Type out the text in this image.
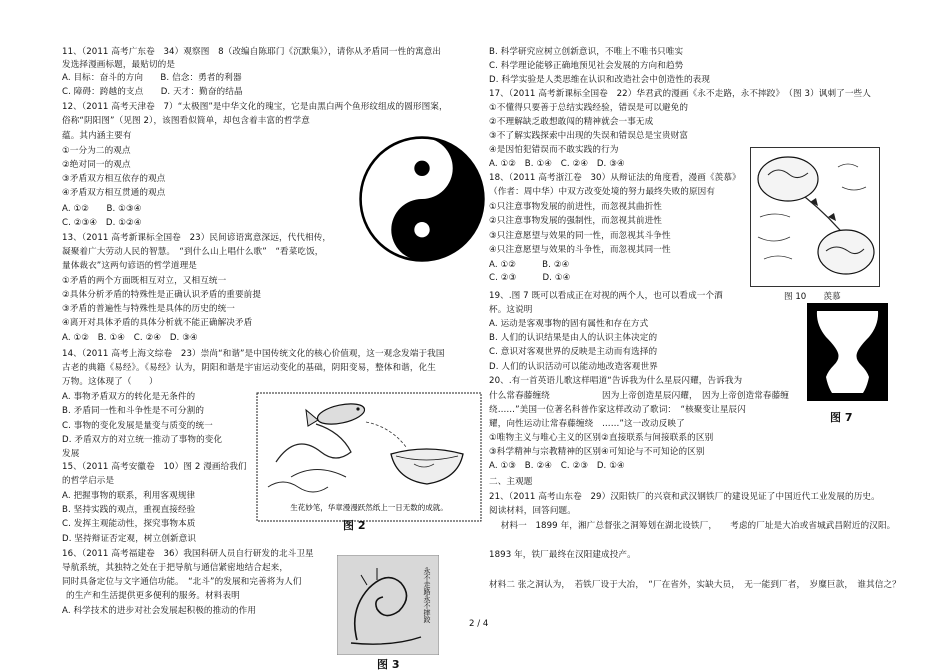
11、（2011 高考广东卷　34）观察图　8（改编自陈耶门《沉默集》），请你从矛盾同一性的寓意出
发选择漫画标题，最贴切的是
A. 目标：奋斗的方向　　B. 信念：勇者的利器
C. 障碍：跨越的支点　　D. 天才：勤奋的结晶
12、（2011 高考天津卷　7）“太极图”是中华文化的瑰宝，它是由黑白两个鱼形纹组成的圆形图案，
俗称“阴阳图”（见图 2），该图看似简单，却包含着丰富的哲学意
蕴。其内涵主要有
①一分为二的观点
②绝对同一的观点
③矛盾双方相互依存的观点
④矛盾双方相互贯通的观点
A. ①②　　B. ①③④
C. ②③④　D. ①②④
13、（2011 高考新课标全国卷　23）民间谚语寓意深远，代代相传，
凝聚着广大劳动人民的智慧。　“到什么山上唱什么歌”　“看菜吃饭，
量体裁衣”这两句谚语的哲学道理是
①矛盾的两个方面既相互对立，又相互统一
②具体分析矛盾的特殊性是正确认识矛盾的重要前提
③矛盾的普遍性与特殊性是具体的历史的统一
④离开对具体矛盾的具体分析就不能正确解决矛盾
A. ①②　B. ①④　C. ②④　D. ③④
14、（2011 高考上海文综卷　23）崇尚“和谐”是中国传统文化的核心价值观，这一观念发端于我国
古老的典籍《易经》。《易经》认为，阴阳和谐是宇宙运动变化的基础，阴阳变易，整体和谐，化生
万物。这体现了（　　）
A. 事物矛盾双方的转化是无条件的
B. 矛盾同一性和斗争性是不可分割的
C. 事物的变化发展是量变与质变的统一
D. 矛盾双方的对立统一推动了事物的变化
发展
15、（2011 高考安徽卷　10）图 2 漫画给我们
的哲学启示是
A. 把握事物的联系，利用客观规律
B. 坚持实践的观点，重视直接经验
C. 发挥主观能动性，探究事物本质
D. 坚持辩证否定观，树立创新意识
16、（2011 高考福建卷　36）我国科研人员自行研发的北斗卫星
导航系统，其独特之处在于把导航与通信紧密地结合起来，
同时具备定位与文字通信功能。　“北斗”的发展和完善将为人们
的生产和生活提供更多便利的服务。材料表明
A. 科学技术的进步对社会发展起积极的推动的作用
B. 科学研究应树立创新意识，不唯上不唯书只唯实
C. 科学理论能够正确地预见社会发展的方向和趋势
D. 科学实验是人类思维在认识和改造社会中创造性的表现
17、（2011 高考新课标全国卷　22）华君武的漫画《永不走路，永不摔跤》　（图 3）讽刺了一些人
①不懂得只要善于总结实践经验，错误是可以避免的
②不理解缺乏敢想敢闯的精神就会一事无成
③不了解实践探索中出现的失误和错误总是宝贵财富
④是因怕犯错误而不敢实践的行为
A. ①②　B. ①④　C. ②④　D. ③④
18、（2011 高考浙江卷　30）从辩证法的角度看，漫画《羡慕》
（作者：周中华）中双方改变处境的努力最终失败的原因有
①只注意事物发展的前进性，而忽视其曲折性
②只注意事物发展的强制性，而忽视其前进性
③只注意愿望与效果的同一性，而忽视其斗争性
④只注意愿望与效果的斗争性，而忽视其同一性
A. ①②　　　B. ②④
C. ②③　　　D. ①④
19、.图 7 既可以看成正在对视的两个人，也可以看成一个酒
杯。这说明
A. 运动是客观事物的固有属性和存在方式
B. 人们的认识结果是由人的认识主体决定的
C. 意识对客观世界的反映是主动而有选择的
D. 人们的认识活动可以能动地改造客观世界
20、.有一首英语儿歌这样唱道“告诉我为什么星辰闪耀，告诉我为
什么常春藤缠绕　　　　　　因为上帝创造星辰闪耀，　因为上帝创造常春藤缠
绕……”美国一位著名科普作家这样改动了歌词：　“核聚变让星辰闪
耀，向性运动让常春藤缠绕　……”这一改动反映了
①唯物主义与唯心主义的区别②直接联系与间接联系的区别
③科学精神与宗教精神的区别④可知论与不可知论的区别
A. ①③　B. ②④　C. ②③　D. ①④
二、主观题
21、（2011 高考山东卷　29）汉阳铁厂的兴衰和武汉钢铁厂的建设见证了中国近代工业发展的历史。
阅读材料，回答问题。
　材料一　1899 年，湘广总督张之洞筹划在湖北设铁厂，　　考虑的厂址是大冶或省城武昌附近的汉阳。
1893 年，铁厂最终在汉阳建成投产。
材料二 张之洞认为，　若铁厂设于大冶，　“厂在省外，实缺大员，　无一能到厂者，　岁糜巨款，　谁其信之？
生花妙笔，华章漫漫跃然纸上一日无数的成就。
图 2
永不走路永不摔跤
图 3
图 10　　羡慕
图 7
2 / 4
